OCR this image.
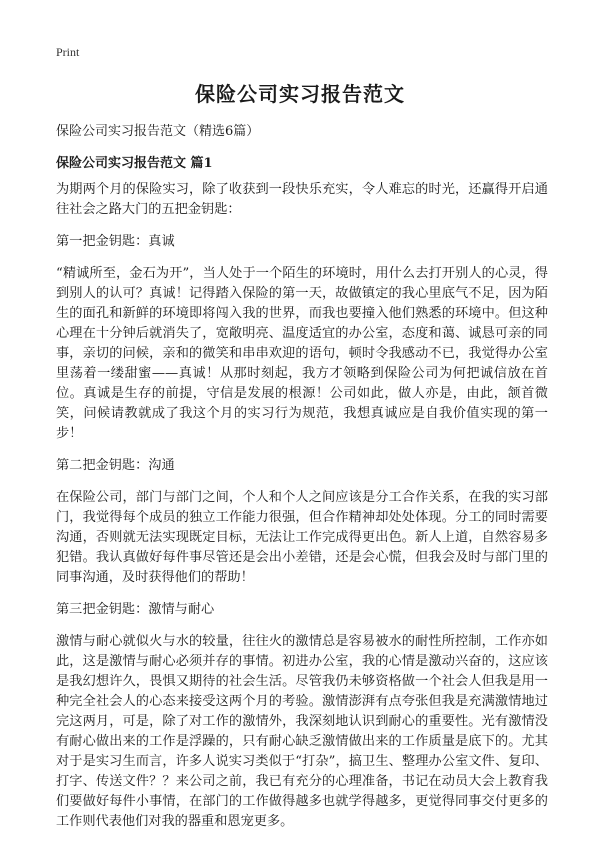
Print
保险公司实习报告范文
保险公司实习报告范文（精选6篇）
保险公司实习报告范文 篇1

为期两个月的保险实习，除了收获到一段快乐充实，令人难忘的时光，还赢得开启通往社会之路大门的五把金钥匙：

第一把金钥匙：真诚

“精诚所至，金石为开”，当人处于一个陌生的环境时，用什么去打开别人的心灵，得到别人的认可？真诚！记得踏入保险的第一天，故做镇定的我心里底气不足，因为陌生的面孔和新鲜的环境即将闯入我的世界，而我也要撞入他们熟悉的环境中。但这种心理在十分钟后就消失了，宽敞明亮、温度适宜的办公室，态度和蔼、诚恳可亲的同事，亲切的问候，亲和的微笑和串串欢迎的语句，顿时令我感动不已，我觉得办公室里荡着一缕甜蜜——真诚！从那时刻起，我方才领略到保险公司为何把诚信放在首位。真诚是生存的前提，守信是发展的根源！公司如此，做人亦是，由此，颔首微笑，问候请教就成了我这个月的实习行为规范，我想真诚应是自我价值实现的第一步！

第二把金钥匙：沟通

在保险公司，部门与部门之间，个人和个人之间应该是分工合作关系，在我的实习部门，我觉得每个成员的独立工作能力很强，但合作精神却处处体现。分工的同时需要沟通，否则就无法实现既定目标，无法让工作完成得更出色。新人上道，自然容易多犯错。我认真做好每件事尽管还是会出小差错，还是会心慌，但我会及时与部门里的同事沟通，及时获得他们的帮助！

第三把金钥匙：激情与耐心

激情与耐心就似火与水的较量，往往火的激情总是容易被水的耐性所控制，工作亦如此，这是激情与耐心必须并存的事情。初进办公室，我的心情是激动兴奋的，这应该是我幻想许久，畏惧又期待的社会生活。尽管我仍未够资格做一个社会人但我是用一种完全社会人的心态来接受这两个月的考验。激情澎湃有点夸张但我是充满激情地过完这两月，可是，除了对工作的激情外，我深刻地认识到耐心的重要性。光有激情没有耐心做出来的工作是浮躁的，只有耐心缺乏激情做出来的工作质量是底下的。尤其对于是实习生而言，许多人说实习类似于“打杂”，搞卫生、整理办公室文件、复印、打字、传送文件？？来公司之前，我已有充分的心理准备，书记在动员大会上教育我们要做好每件小事情，在部门的工作做得越多也就学得越多，更觉得同事交付更多的工作则代表他们对我的器重和恩宠更多。
